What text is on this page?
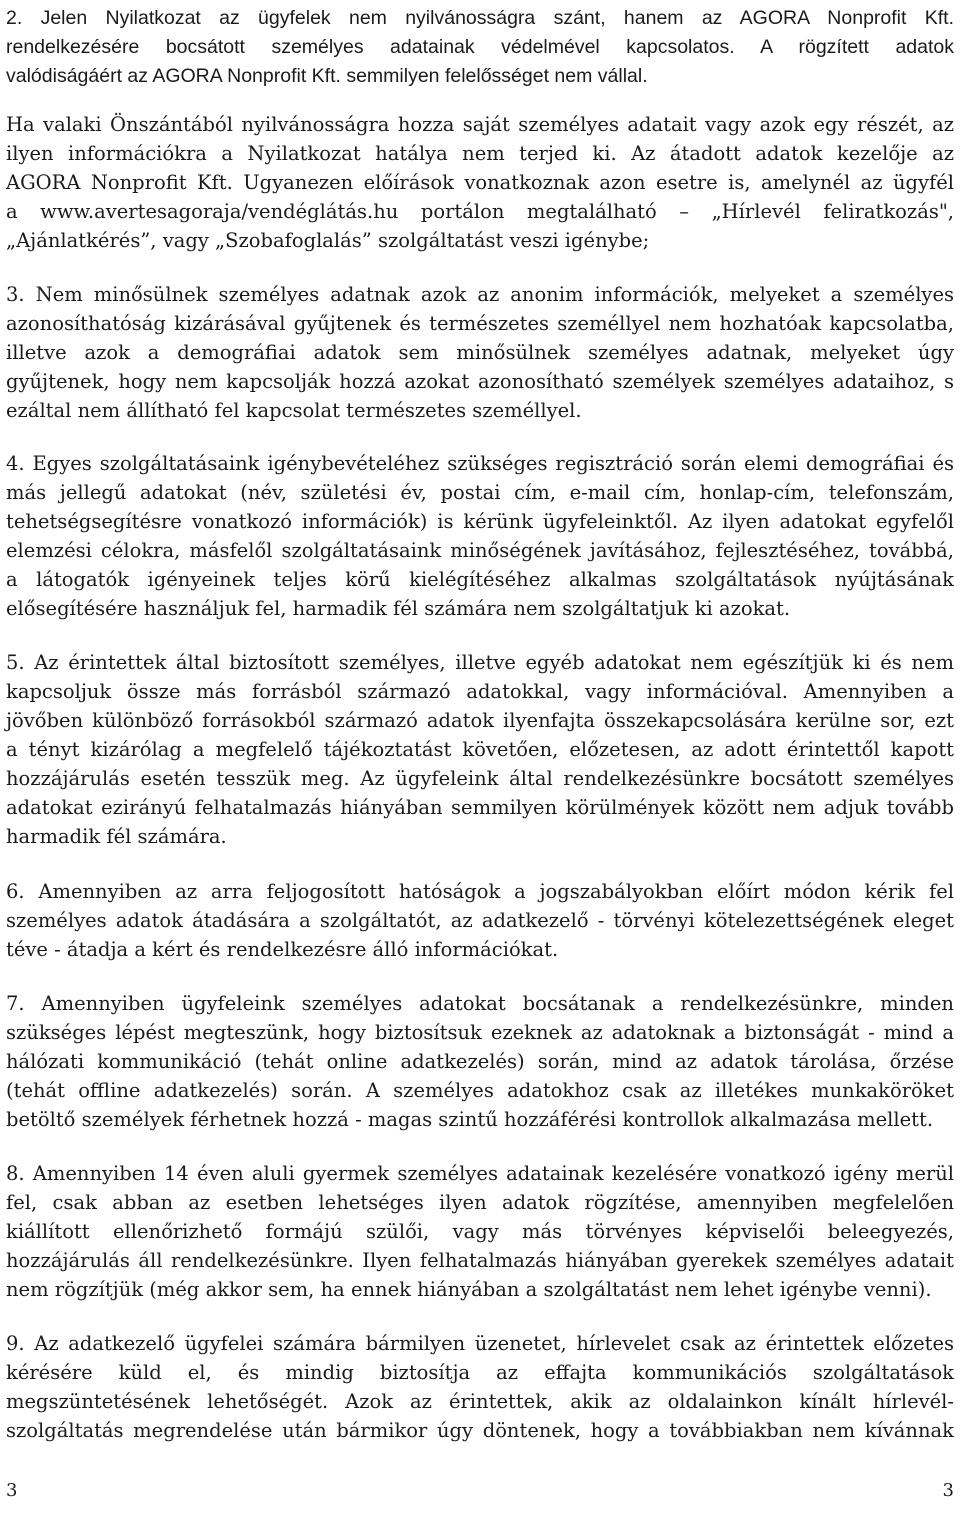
2. Jelen Nyilatkozat az ügyfelek nem nyilvánosságra szánt, hanem az AGORA Nonprofit Kft.
rendelkezésére bocsátott személyes adatainak védelmével kapcsolatos. A rögzített adatok
valódiságáért az AGORA Nonprofit Kft. semmilyen felelősséget nem vállal.
Ha valaki Önszántából nyilvánosságra hozza saját személyes adatait vagy azok egy részét, az
ilyen információkra a Nyilatkozat hatálya nem terjed ki. Az átadott adatok kezelője az
AGORA Nonprofit Kft. Ugyanezen előírások vonatkoznak azon esetre is, amelynél az ügyfél
a www.avertesagoraja/vendéglátás.hu portálon megtalálható – „Hírlevél feliratkozás",
„Ajánlatkérés”, vagy „Szobafoglalás” szolgáltatást veszi igénybe;
3. Nem minősülnek személyes adatnak azok az anonim információk, melyeket a személyes
azonosíthatóság kizárásával gyűjtenek és természetes személlyel nem hozhatóak kapcsolatba,
illetve azok a demográfiai adatok sem minősülnek személyes adatnak, melyeket úgy
gyűjtenek, hogy nem kapcsolják hozzá azokat azonosítható személyek személyes adataihoz, s
ezáltal nem állítható fel kapcsolat természetes személlyel.
4. Egyes szolgáltatásaink igénybevételéhez szükséges regisztráció során elemi demográfiai és
más jellegű adatokat (név, születési év, postai cím, e-mail cím, honlap-cím, telefonszám,
tehetségsegítésre vonatkozó információk) is kérünk ügyfeleinktől. Az ilyen adatokat egyfelől
elemzési célokra, másfelől szolgáltatásaink minőségének javításához, fejlesztéséhez, továbbá,
a látogatók igényeinek teljes körű kielégítéséhez alkalmas szolgáltatások nyújtásának
elősegítésére használjuk fel, harmadik fél számára nem szolgáltatjuk ki azokat.
5. Az érintettek által biztosított személyes, illetve egyéb adatokat nem egészítjük ki és nem
kapcsoljuk össze más forrásból származó adatokkal, vagy információval. Amennyiben a
jövőben különböző forrásokból származó adatok ilyenfajta összekapcsolására kerülne sor, ezt
a tényt kizárólag a megfelelő tájékoztatást követően, előzetesen, az adott érintettől kapott
hozzájárulás esetén tesszük meg. Az ügyfeleink által rendelkezésünkre bocsátott személyes
adatokat ezirányú felhatalmazás hiányában semmilyen körülmények között nem adjuk tovább
harmadik fél számára.
6. Amennyiben az arra feljogosított hatóságok a jogszabályokban előírt módon kérik fel
személyes adatok átadására a szolgáltatót, az adatkezelő - törvényi kötelezettségének eleget
téve - átadja a kért és rendelkezésre álló információkat.
7. Amennyiben ügyfeleink személyes adatokat bocsátanak a rendelkezésünkre, minden
szükséges lépést megteszünk, hogy biztosítsuk ezeknek az adatoknak a biztonságát - mind a
hálózati kommunikáció (tehát online adatkezelés) során, mind az adatok tárolása, őrzése
(tehát offline adatkezelés) során. A személyes adatokhoz csak az illetékes munkaköröket
betöltő személyek férhetnek hozzá - magas szintű hozzáférési kontrollok alkalmazása mellett.
8. Amennyiben 14 éven aluli gyermek személyes adatainak kezelésére vonatkozó igény merül
fel, csak abban az esetben lehetséges ilyen adatok rögzítése, amennyiben megfelelően
kiállított ellenőrizhető formájú szülői, vagy más törvényes képviselői beleegyezés,
hozzájárulás áll rendelkezésünkre. Ilyen felhatalmazás hiányában gyerekek személyes adatait
nem rögzítjük (még akkor sem, ha ennek hiányában a szolgáltatást nem lehet igénybe venni).
9. Az adatkezelő ügyfelei számára bármilyen üzenetet, hírlevelet csak az érintettek előzetes
kérésére küld el, és mindig biztosítja az effajta kommunikációs szolgáltatások
megszüntetésének lehetőségét. Azok az érintettek, akik az oldalainkon kínált hírlevél-
szolgáltatás megrendelése után bármikor úgy döntenek, hogy a továbbiakban nem kívánnak
3	3
